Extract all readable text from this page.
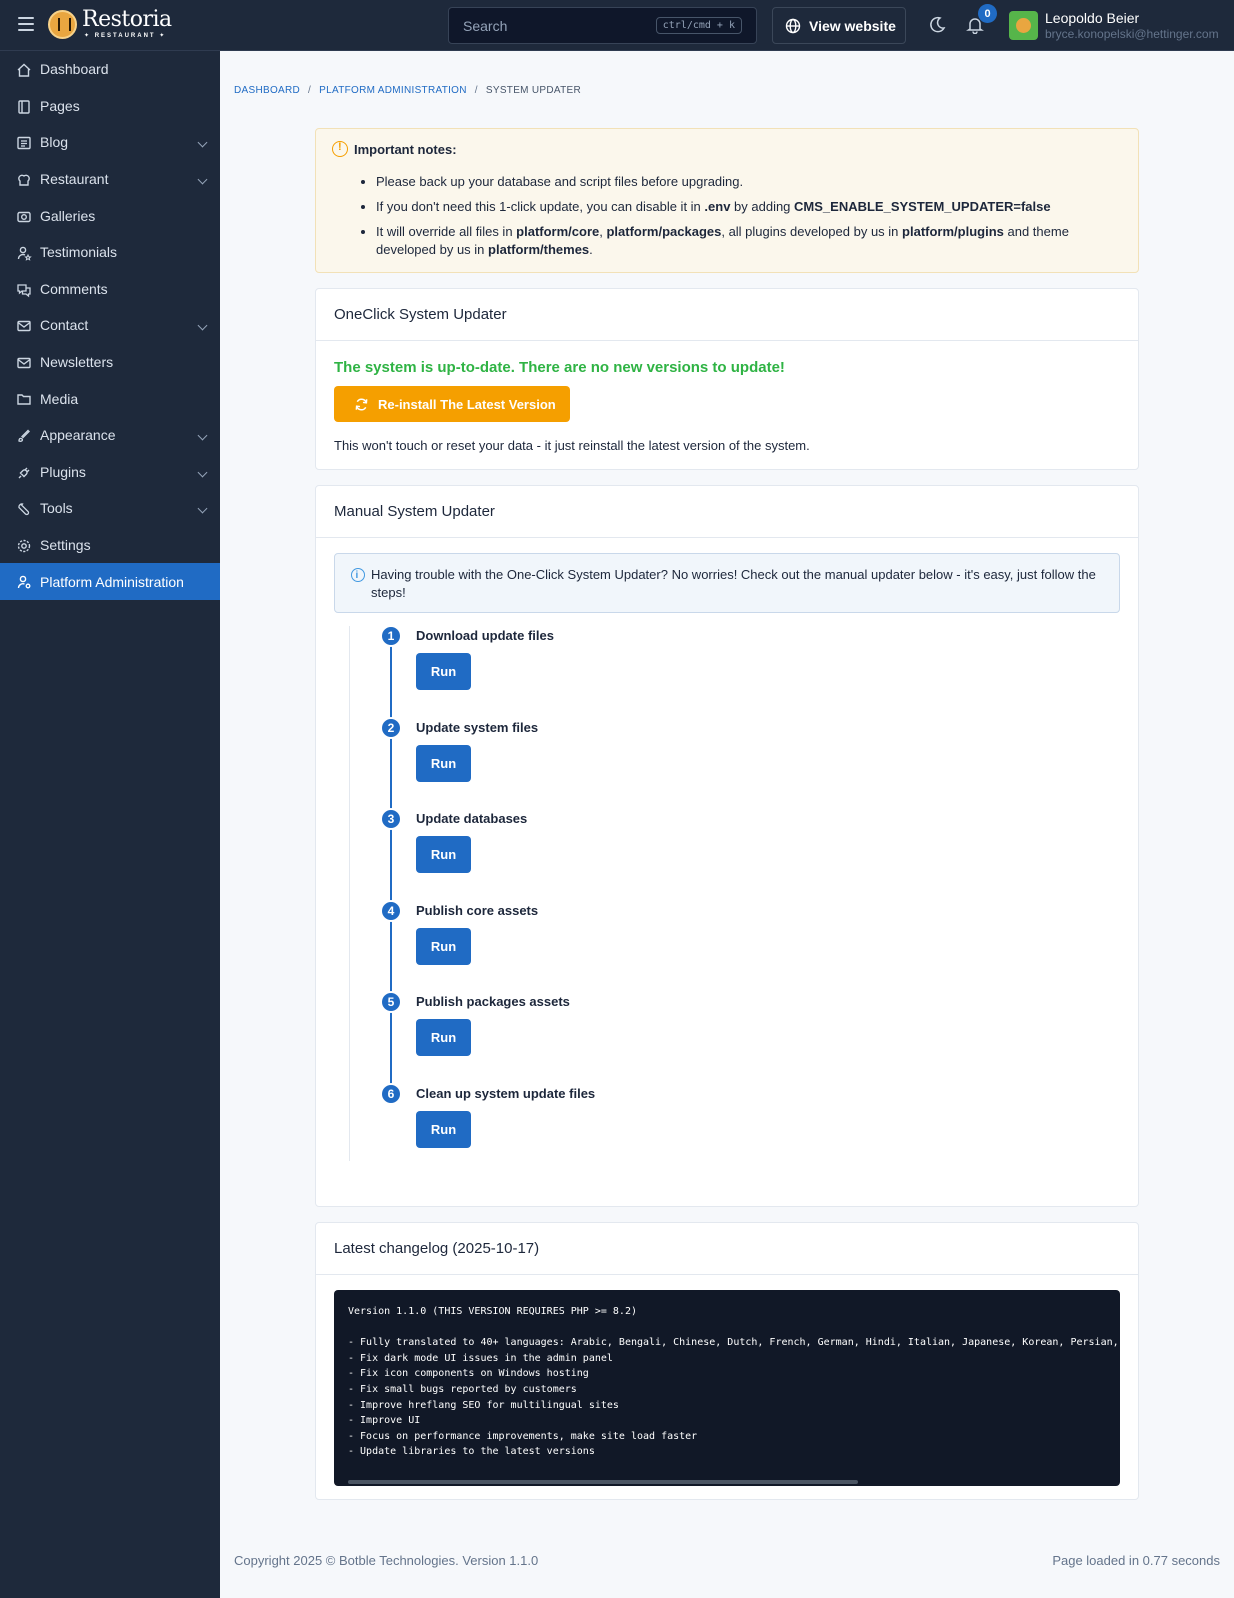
Restoria
✦ RESTAURANT ✦
Search	ctrl/cmd + k	View website
0	Leopoldo Beier
bryce.konopelski@hettinger.com
Dashboard
Pages
Blog
Restaurant
Galleries
Testimonials
Comments
Contact
Newsletters
Media
Appearance
Plugins
Tools
Settings
Platform Administration
DASHBOARD / PLATFORM ADMINISTRATION / SYSTEM UPDATER
!
Important notes:
• Please back up your database and script files before upgrading.
• If you don't need this 1-click update, you can disable it in .env by adding CMS_ENABLE_SYSTEM_UPDATER=false
• It will override all files in platform/core, platform/packages, all plugins developed by us in platform/plugins and theme developed by us in platform/themes.
OneClick System Updater
The system is up-to-date. There are no new versions to update!
Re-install The Latest Version
This won't touch or reset your data - it just reinstall the latest version of the system.
Manual System Updater
i
Having trouble with the One-Click System Updater? No worries! Check out the manual updater below - it's easy, just follow the steps!
1	Download update files
Run
2	Update system files
Run
3	Update databases
Run
4	Publish core assets
Run
5	Publish packages assets
Run
6	Clean up system update files
Run
Latest changelog (2025-10-17)
Version 1.1.0 (THIS VERSION REQUIRES PHP >= 8.2)
- Fully translated to 40+ languages: Arabic, Bengali, Chinese, Dutch, French, German, Hindi, Italian, Japanese, Korean, Persian,
- Fix dark mode UI issues in the admin panel
- Fix icon components on Windows hosting
- Fix small bugs reported by customers
- Improve hreflang SEO for multilingual sites
- Improve UI
- Focus on performance improvements, make site load faster
- Update libraries to the latest versions
Copyright 2025 © Botble Technologies. Version 1.1.0	Page loaded in 0.77 seconds
